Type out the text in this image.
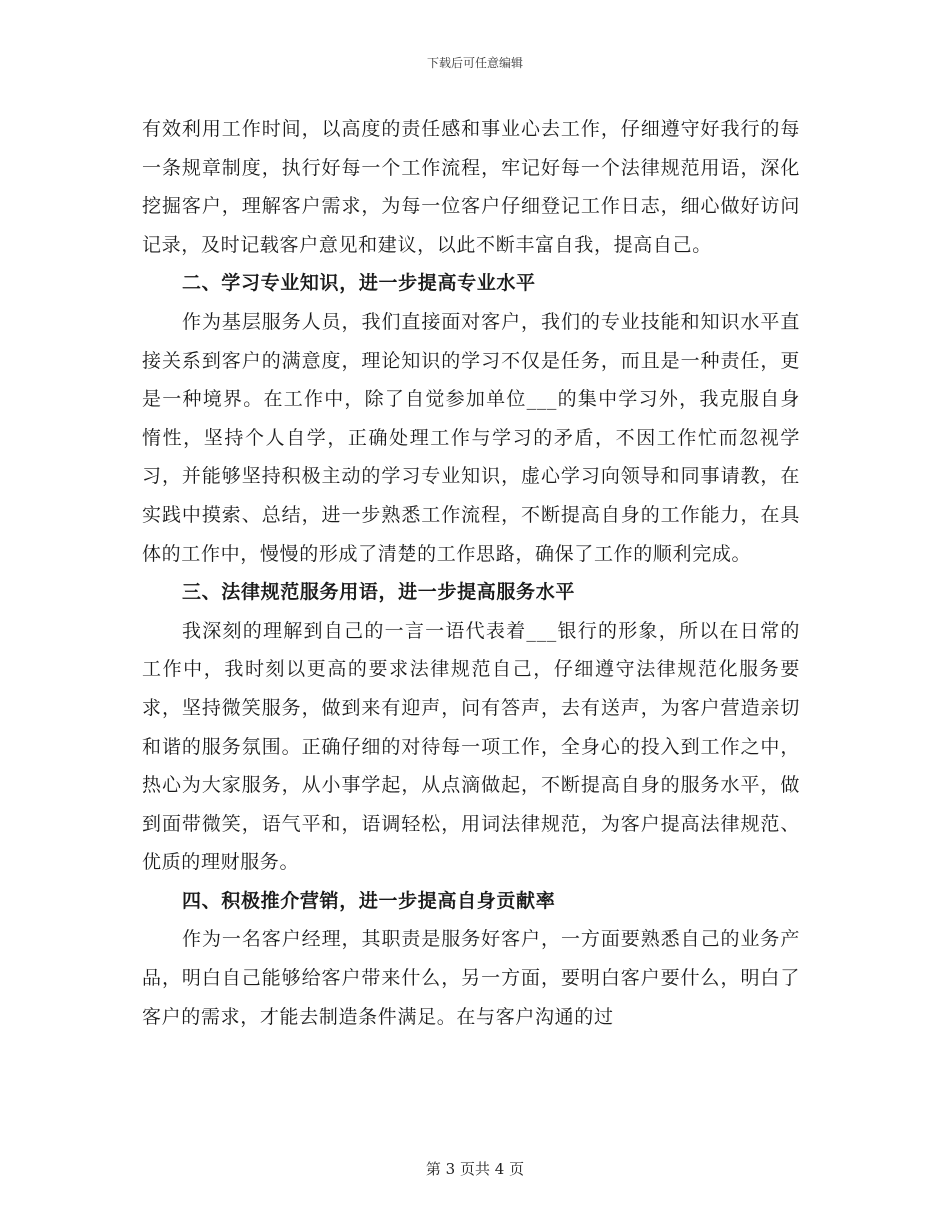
下载后可任意编辑

有效利用工作时间，以高度的责任感和事业心去工作，仔细遵守好我行的每一条规章制度，执行好每一个工作流程，牢记好每一个法律规范用语，深化挖掘客户，理解客户需求，为每一位客户仔细登记工作日志，细心做好访问记录，及时记载客户意见和建议，以此不断丰富自我，提高自己。

二、学习专业知识，进一步提高专业水平

作为基层服务人员，我们直接面对客户，我们的专业技能和知识水平直接关系到客户的满意度，理论知识的学习不仅是任务，而且是一种责任，更是一种境界。在工作中，除了自觉参加单位___的集中学习外，我克服自身惰性，坚持个人自学，正确处理工作与学习的矛盾，不因工作忙而忽视学习，并能够坚持积极主动的学习专业知识，虚心学习向领导和同事请教，在实践中摸索、总结，进一步熟悉工作流程，不断提高自身的工作能力，在具体的工作中，慢慢的形成了清楚的工作思路，确保了工作的顺利完成。

三、法律规范服务用语，进一步提高服务水平

我深刻的理解到自己的一言一语代表着___银行的形象，所以在日常的工作中，我时刻以更高的要求法律规范自己，仔细遵守法律规范化服务要求，坚持微笑服务，做到来有迎声，问有答声，去有送声，为客户营造亲切和谐的服务氛围。正确仔细的对待每一项工作，全身心的投入到工作之中，热心为大家服务，从小事学起，从点滴做起，不断提高自身的服务水平，做到面带微笑，语气平和，语调轻松，用词法律规范，为客户提高法律规范、优质的理财服务。

四、积极推介营销，进一步提高自身贡献率

作为一名客户经理，其职责是服务好客户，一方面要熟悉自己的业务产品，明白自己能够给客户带来什么，另一方面，要明白客户要什么，明白了客户的需求，才能去制造条件满足。在与客户沟通的过

第 3 页共 4 页
